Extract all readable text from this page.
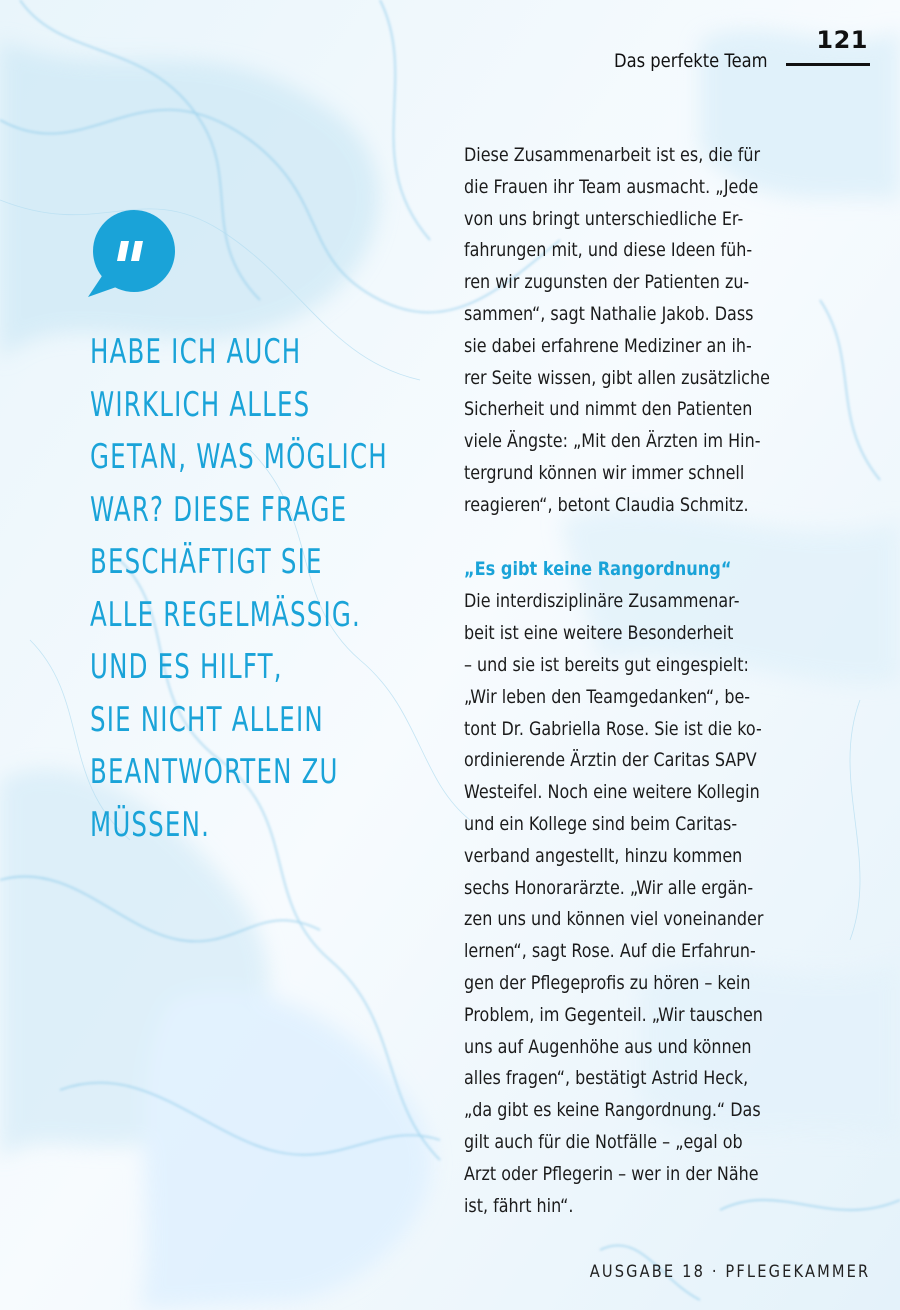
121
Das perfekte Team
HABE ICH AUCH
WIRKLICH ALLES
GETAN, WAS MÖGLICH
WAR? DIESE FRAGE
BESCHÄFTIGT SIE
ALLE REGELMÄSSIG.
UND ES HILFT,
SIE NICHT ALLEIN
BEANTWORTEN ZU
MÜSSEN.
Diese Zusammenarbeit ist es, die für
die Frauen ihr Team ausmacht. „Jede
von uns bringt unterschiedliche Er-
fahrungen mit, und diese Ideen füh-
ren wir zugunsten der Patienten zu-
sammen“, sagt Nathalie Jakob. Dass
sie dabei erfahrene Mediziner an ih-
rer Seite wissen, gibt allen zusätzliche
Sicherheit und nimmt den Patienten
viele Ängste: „Mit den Ärzten im Hin-
tergrund können wir immer schnell
reagieren“, betont Claudia Schmitz.
„Es gibt keine Rangordnung“
Die interdisziplinäre Zusammenar-
beit ist eine weitere Besonderheit
– und sie ist bereits gut eingespielt:
„Wir leben den Teamgedanken“, be-
tont Dr. Gabriella Rose. Sie ist die ko-
ordinierende Ärztin der Caritas SAPV
Westeifel. Noch eine weitere Kollegin
und ein Kollege sind beim Caritas-
verband angestellt, hinzu kommen
sechs Honorarärzte. „Wir alle ergän-
zen uns und können viel voneinander
lernen“, sagt Rose. Auf die Erfahrun-
gen der Pflegeprofis zu hören – kein
Problem, im Gegenteil. „Wir tauschen
uns auf Augenhöhe aus und können
alles fragen“, bestätigt Astrid Heck,
„da gibt es keine Rangordnung.“ Das
gilt auch für die Notfälle – „egal ob
Arzt oder Pflegerin – wer in der Nähe
ist, fährt hin“.
AUSGABE 18 · PFLEGEKAMMER
